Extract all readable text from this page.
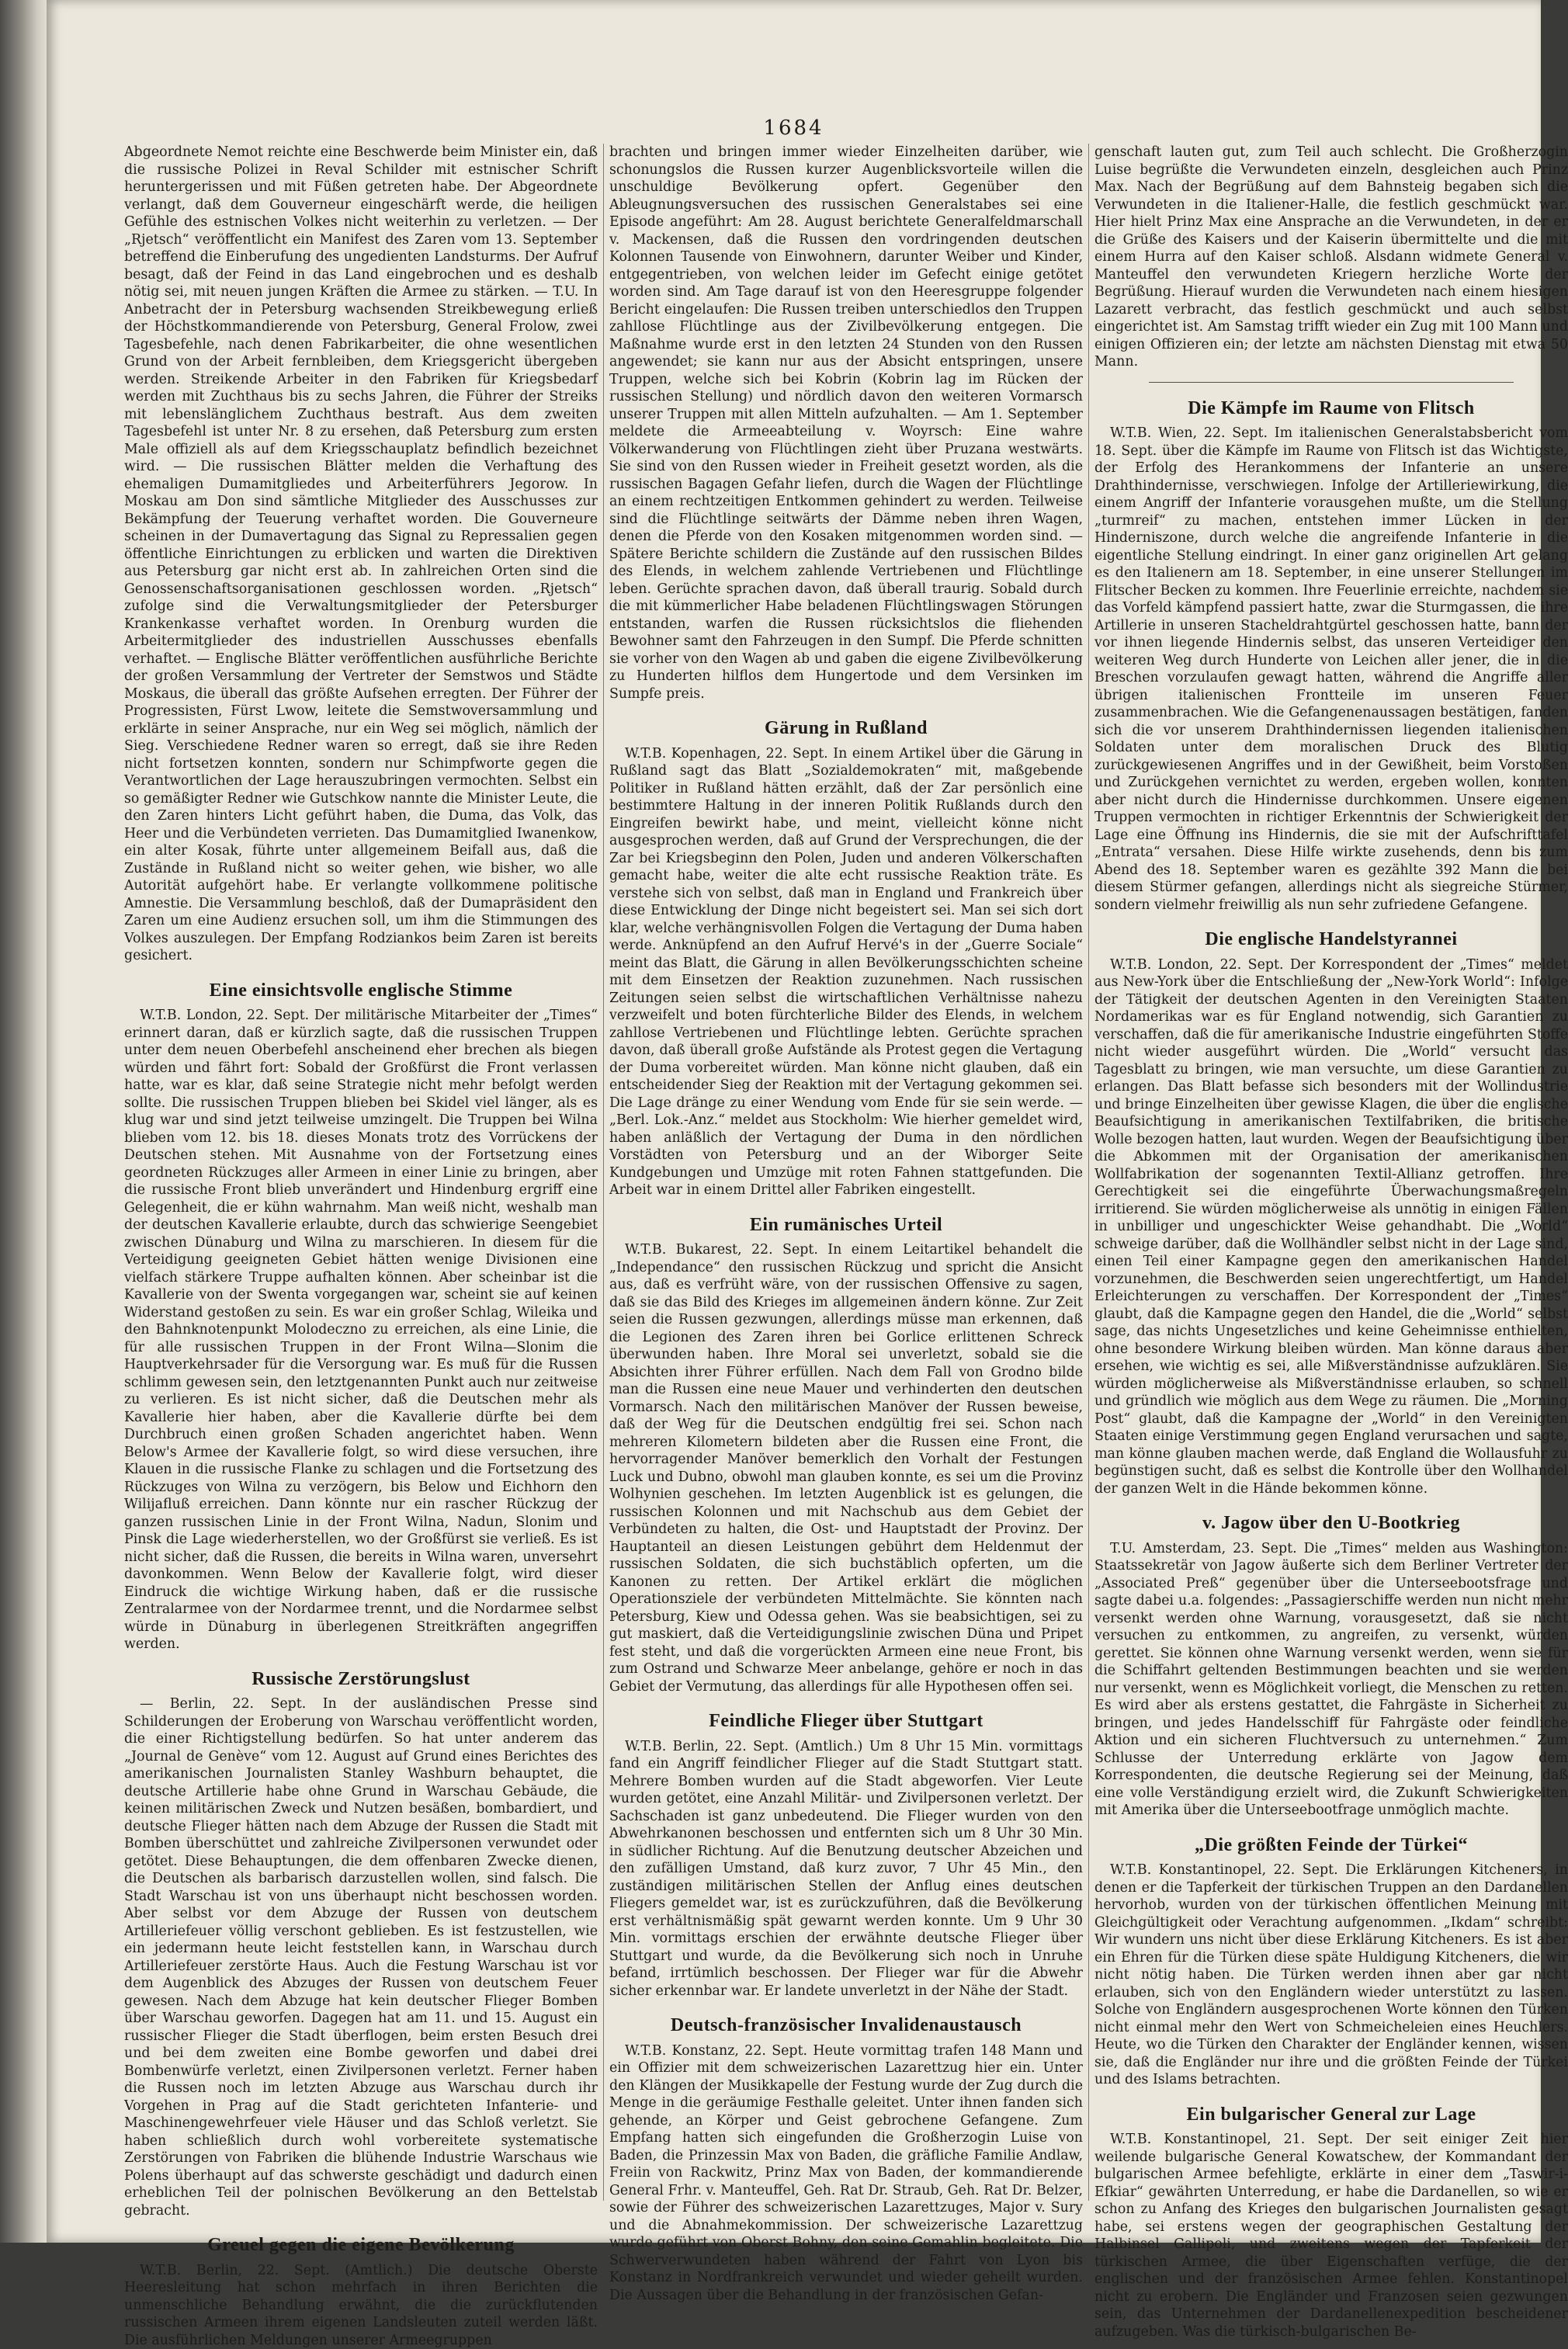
1684

Abgeordnete Nemot reichte eine Beschwerde beim Minister ein, daß die russische Polizei in Reval Schilder mit estnischer Schrift heruntergerissen und mit Füßen getreten habe. Der Abgeordnete verlangt, daß dem Gouverneur eingeschärft werde, die heiligen Gefühle des estnischen Volkes nicht weiterhin zu verletzen. — Der „Rjetsch“ veröffentlicht ein Manifest des Zaren vom 13. September betreffend die Einberufung des ungedienten Landsturms. Der Aufruf besagt, daß der Feind in das Land eingebrochen und es deshalb nötig sei, mit neuen jungen Kräften die Armee zu stärken. — T.U. In Anbetracht der in Petersburg wachsenden Streikbewegung erließ der Höchstkommandierende von Petersburg, General Frolow, zwei Tagesbefehle, nach denen Fabrikarbeiter, die ohne wesentlichen Grund von der Arbeit fernbleiben, dem Kriegsgericht übergeben werden. Streikende Arbeiter in den Fabriken für Kriegsbedarf werden mit Zuchthaus bis zu sechs Jahren, die Führer der Streiks mit lebenslänglichem Zuchthaus bestraft. Aus dem zweiten Tagesbefehl ist unter Nr. 8 zu ersehen, daß Petersburg zum ersten Male offiziell als auf dem Kriegsschauplatz befindlich bezeichnet wird. — Die russischen Blätter melden die Verhaftung des ehemaligen Dumamitgliedes und Arbeiterführers Jegorow. In Moskau am Don sind sämtliche Mitglieder des Ausschusses zur Bekämpfung der Teuerung verhaftet worden. Die Gouverneure scheinen in der Dumavertagung das Signal zu Repressalien gegen öffentliche Einrichtungen zu erblicken und warten die Direktiven aus Petersburg gar nicht erst ab. In zahlreichen Orten sind die Genossenschaftsorganisationen geschlossen worden. „Rjetsch“ zufolge sind die Verwaltungsmitglieder der Petersburger Krankenkasse verhaftet worden. In Orenburg wurden die Arbeitermitglieder des industriellen Ausschusses ebenfalls verhaftet. — Englische Blätter veröffentlichen ausführliche Berichte der großen Versammlung der Vertreter der Semstwos und Städte Moskaus, die überall das größte Aufsehen erregten. Der Führer der Progressisten, Fürst Lwow, leitete die Semstwoversammlung und erklärte in seiner Ansprache, nur ein Weg sei möglich, nämlich der Sieg. Verschiedene Redner waren so erregt, daß sie ihre Reden nicht fortsetzen konnten, sondern nur Schimpfworte gegen die Verantwortlichen der Lage herauszubringen vermochten. Selbst ein so gemäßigter Redner wie Gutschkow nannte die Minister Leute, die den Zaren hinters Licht geführt haben, die Duma, das Volk, das Heer und die Verbündeten verrieten. Das Dumamitglied Iwanenkow, ein alter Kosak, führte unter allgemeinem Beifall aus, daß die Zustände in Rußland nicht so weiter gehen, wie bisher, wo alle Autorität aufgehört habe. Er verlangte vollkommene politische Amnestie. Die Versammlung beschloß, daß der Dumapräsident den Zaren um eine Audienz ersuchen soll, um ihm die Stimmungen des Volkes auszulegen. Der Empfang Rodziankos beim Zaren ist bereits gesichert.

Eine einsichtsvolle englische Stimme

W.T.B. London, 22. Sept. Der militärische Mitarbeiter der „Times“ erinnert daran, daß er kürzlich sagte, daß die russischen Truppen unter dem neuen Oberbefehl anscheinend eher brechen als biegen würden und fährt fort: Sobald der Großfürst die Front verlassen hatte, war es klar, daß seine Strategie nicht mehr befolgt werden sollte. Die russischen Truppen blieben bei Skidel viel länger, als es klug war und sind jetzt teilweise umzingelt. Die Truppen bei Wilna blieben vom 12. bis 18. dieses Monats trotz des Vorrückens der Deutschen stehen. Mit Ausnahme von der Fortsetzung eines geordneten Rückzuges aller Armeen in einer Linie zu bringen, aber die russische Front blieb unverändert und Hindenburg ergriff eine Gelegenheit, die er kühn wahrnahm. Man weiß nicht, weshalb man der deutschen Kavallerie erlaubte, durch das schwierige Seengebiet zwischen Dünaburg und Wilna zu marschieren. In diesem für die Verteidigung geeigneten Gebiet hätten wenige Divisionen eine vielfach stärkere Truppe aufhalten können. Aber scheinbar ist die Kavallerie von der Swenta vorgegangen war, scheint sie auf keinen Widerstand gestoßen zu sein. Es war ein großer Schlag, Wileika und den Bahnknotenpunkt Molodeczno zu erreichen, als eine Linie, die für alle russischen Truppen in der Front Wilna—Slonim die Hauptverkehrsader für die Versorgung war. Es muß für die Russen schlimm gewesen sein, den letztgenannten Punkt auch nur zeitweise zu verlieren. Es ist nicht sicher, daß die Deutschen mehr als Kavallerie hier haben, aber die Kavallerie dürfte bei dem Durchbruch einen großen Schaden angerichtet haben. Wenn Below's Armee der Kavallerie folgt, so wird diese versuchen, ihre Klauen in die russische Flanke zu schlagen und die Fortsetzung des Rückzuges von Wilna zu verzögern, bis Below und Eichhorn den Wilijafluß erreichen. Dann könnte nur ein rascher Rückzug der ganzen russischen Linie in der Front Wilna, Nadun, Slonim und Pinsk die Lage wiederherstellen, wo der Großfürst sie verließ. Es ist nicht sicher, daß die Russen, die bereits in Wilna waren, unversehrt davonkommen. Wenn Below der Kavallerie folgt, wird dieser Eindruck die wichtige Wirkung haben, daß er die russische Zentralarmee von der Nordarmee trennt, und die Nordarmee selbst würde in Dünaburg in überlegenen Streitkräften angegriffen werden.

Russische Zerstörungslust

— Berlin, 22. Sept. In der ausländischen Presse sind Schilderungen der Eroberung von Warschau veröffentlicht worden, die einer Richtigstellung bedürfen. So hat unter anderem das „Journal de Genève“ vom 12. August auf Grund eines Berichtes des amerikanischen Journalisten Stanley Washburn behauptet, die deutsche Artillerie habe ohne Grund in Warschau Gebäude, die keinen militärischen Zweck und Nutzen besäßen, bombardiert, und deutsche Flieger hätten nach dem Abzuge der Russen die Stadt mit Bomben überschüttet und zahlreiche Zivilpersonen verwundet oder getötet. Diese Behauptungen, die dem offenbaren Zwecke dienen, die Deutschen als barbarisch darzustellen wollen, sind falsch. Die Stadt Warschau ist von uns überhaupt nicht beschossen worden. Aber selbst vor dem Abzuge der Russen von deutschem Artilleriefeuer völlig verschont geblieben. Es ist festzustellen, wie ein jedermann heute leicht feststellen kann, in Warschau durch Artilleriefeuer zerstörte Haus. Auch die Festung Warschau ist vor dem Augenblick des Abzuges der Russen von deutschem Feuer gewesen. Nach dem Abzuge hat kein deutscher Flieger Bomben über Warschau geworfen. Dagegen hat am 11. und 15. August ein russischer Flieger die Stadt überflogen, beim ersten Besuch drei und bei dem zweiten eine Bombe geworfen und dabei drei Bombenwürfe verletzt, einen Zivilpersonen verletzt. Ferner haben die Russen noch im letzten Abzuge aus Warschau durch ihr Vorgehen in Prag auf die Stadt gerichteten Infanterie- und Maschinengewehrfeuer viele Häuser und das Schloß verletzt. Sie haben schließlich durch wohl vorbereitete systematische Zerstörungen von Fabriken die blühende Industrie Warschaus wie Polens überhaupt auf das schwerste geschädigt und dadurch einen erheblichen Teil der polnischen Bevölkerung an den Bettelstab gebracht.

Greuel gegen die eigene Bevölkerung

W.T.B. Berlin, 22. Sept. (Amtlich.) Die deutsche Oberste Heeresleitung hat schon mehrfach in ihren Berichten die unmenschliche Behandlung erwähnt, die die zurückflutenden russischen Armeen ihrem eigenen Landsleuten zuteil werden läßt. Die ausführlichen Meldungen unserer Armeegruppen

brachten und bringen immer wieder Einzelheiten darüber, wie schonungslos die Russen kurzer Augenblicksvorteile willen die unschuldige Bevölkerung opfert. Gegenüber den Ableugnungsversuchen des russischen Generalstabes sei eine Episode angeführt: Am 28. August berichtete Generalfeldmarschall v. Mackensen, daß die Russen den vordringenden deutschen Kolonnen Tausende von Einwohnern, darunter Weiber und Kinder, entgegentrieben, von welchen leider im Gefecht einige getötet worden sind. Am Tage darauf ist von den Heeresgruppe folgender Bericht eingelaufen: Die Russen treiben unterschiedlos den Truppen zahllose Flüchtlinge aus der Zivilbevölkerung entgegen. Die Maßnahme wurde erst in den letzten 24 Stunden von den Russen angewendet; sie kann nur aus der Absicht entspringen, unsere Truppen, welche sich bei Kobrin (Kobrin lag im Rücken der russischen Stellung) und nördlich davon den weiteren Vormarsch unserer Truppen mit allen Mitteln aufzuhalten. — Am 1. September meldete die Armeeabteilung v. Woyrsch: Eine wahre Völkerwanderung von Flüchtlingen zieht über Pruzana westwärts. Sie sind von den Russen wieder in Freiheit gesetzt worden, als die russischen Bagagen Gefahr liefen, durch die Wagen der Flüchtlinge an einem rechtzeitigen Entkommen gehindert zu werden. Teilweise sind die Flüchtlinge seitwärts der Dämme neben ihren Wagen, denen die Pferde von den Kosaken mitgenommen worden sind. — Spätere Berichte schildern die Zustände auf den russischen Bildes des Elends, in welchem zahlende Vertriebenen und Flüchtlinge leben. Gerüchte sprachen davon, daß überall traurig. Sobald durch die mit kümmerlicher Habe beladenen Flüchtlingswagen Störungen entstanden, warfen die Russen rücksichtslos die fliehenden Bewohner samt den Fahrzeugen in den Sumpf. Die Pferde schnitten sie vorher von den Wagen ab und gaben die eigene Zivilbevölkerung zu Hunderten hilflos dem Hungertode und dem Versinken im Sumpfe preis.

Gärung in Rußland

W.T.B. Kopenhagen, 22. Sept. In einem Artikel über die Gärung in Rußland sagt das Blatt „Sozialdemokraten“ mit, maßgebende Politiker in Rußland hätten erzählt, daß der Zar persönlich eine bestimmtere Haltung in der inneren Politik Rußlands durch den Eingreifen bewirkt habe, und meint, vielleicht könne nicht ausgesprochen werden, daß auf Grund der Versprechungen, die der Zar bei Kriegsbeginn den Polen, Juden und anderen Völkerschaften gemacht habe, weiter die alte echt russische Reaktion träte. Es verstehe sich von selbst, daß man in England und Frankreich über diese Entwicklung der Dinge nicht begeistert sei. Man sei sich dort klar, welche verhängnisvollen Folgen die Vertagung der Duma haben werde. Anknüpfend an den Aufruf Hervé's in der „Guerre Sociale“ meint das Blatt, die Gärung in allen Bevölkerungsschichten scheine mit dem Einsetzen der Reaktion zuzunehmen. Nach russischen Zeitungen seien selbst die wirtschaftlichen Verhältnisse nahezu verzweifelt und boten fürchterliche Bilder des Elends, in welchem zahllose Vertriebenen und Flüchtlinge lebten. Gerüchte sprachen davon, daß überall große Aufstände als Protest gegen die Vertagung der Duma vorbereitet würden. Man könne nicht glauben, daß ein entscheidender Sieg der Reaktion mit der Vertagung gekommen sei. Die Lage dränge zu einer Wendung vom Ende für sie sein werde. — „Berl. Lok.-Anz.“ meldet aus Stockholm: Wie hierher gemeldet wird, haben anläßlich der Vertagung der Duma in den nördlichen Vorstädten von Petersburg und an der Wiborger Seite Kundgebungen und Umzüge mit roten Fahnen stattgefunden. Die Arbeit war in einem Drittel aller Fabriken eingestellt.

Ein rumänisches Urteil

W.T.B. Bukarest, 22. Sept. In einem Leitartikel behandelt die „Independance“ den russischen Rückzug und spricht die Ansicht aus, daß es verfrüht wäre, von der russischen Offensive zu sagen, daß sie das Bild des Krieges im allgemeinen ändern könne. Zur Zeit seien die Russen gezwungen, allerdings müsse man erkennen, daß die Legionen des Zaren ihren bei Gorlice erlittenen Schreck überwunden haben. Ihre Moral sei unverletzt, sobald sie die Absichten ihrer Führer erfüllen. Nach dem Fall von Grodno bilde man die Russen eine neue Mauer und verhinderten den deutschen Vormarsch. Nach den militärischen Manöver der Russen beweise, daß der Weg für die Deutschen endgültig frei sei. Schon nach mehreren Kilometern bildeten aber die Russen eine Front, die hervorragender Manöver bemerklich den Vorhalt der Festungen Luck und Dubno, obwohl man glauben konnte, es sei um die Provinz Wolhynien geschehen. Im letzten Augenblick ist es gelungen, die russischen Kolonnen und mit Nachschub aus dem Gebiet der Verbündeten zu halten, die Ost- und Hauptstadt der Provinz. Der Hauptanteil an diesen Leistungen gebührt dem Heldenmut der russischen Soldaten, die sich buchstäblich opferten, um die Kanonen zu retten. Der Artikel erklärt die möglichen Operationsziele der verbündeten Mittelmächte. Sie könnten nach Petersburg, Kiew und Odessa gehen. Was sie beabsichtigen, sei zu gut maskiert, daß die Verteidigungslinie zwischen Düna und Pripet fest steht, und daß die vorgerückten Armeen eine neue Front, bis zum Ostrand und Schwarze Meer anbelange, gehöre er noch in das Gebiet der Vermutung, das allerdings für alle Hypothesen offen sei.

Feindliche Flieger über Stuttgart

W.T.B. Berlin, 22. Sept. (Amtlich.) Um 8 Uhr 15 Min. vormittags fand ein Angriff feindlicher Flieger auf die Stadt Stuttgart statt. Mehrere Bomben wurden auf die Stadt abgeworfen. Vier Leute wurden getötet, eine Anzahl Militär- und Zivilpersonen verletzt. Der Sachschaden ist ganz unbedeutend. Die Flieger wurden von den Abwehrkanonen beschossen und entfernten sich um 8 Uhr 30 Min. in südlicher Richtung. Auf die Benutzung deutscher Abzeichen und den zufälligen Umstand, daß kurz zuvor, 7 Uhr 45 Min., den zuständigen militärischen Stellen der Anflug eines deutschen Fliegers gemeldet war, ist es zurückzuführen, daß die Bevölkerung erst verhältnismäßig spät gewarnt werden konnte. Um 9 Uhr 30 Min. vormittags erschien der erwähnte deutsche Flieger über Stuttgart und wurde, da die Bevölkerung sich noch in Unruhe befand, irrtümlich beschossen. Der Flieger war für die Abwehr sicher erkennbar war. Er landete unverletzt in der Nähe der Stadt.

Deutsch-französischer Invalidenaustausch

W.T.B. Konstanz, 22. Sept. Heute vormittag trafen 148 Mann und ein Offizier mit dem schweizerischen Lazarettzug hier ein. Unter den Klängen der Musikkapelle der Festung wurde der Zug durch die Menge in die geräumige Festhalle geleitet. Unter ihnen fanden sich gehende, an Körper und Geist gebrochene Gefangene. Zum Empfang hatten sich eingefunden die Großherzogin Luise von Baden, die Prinzessin Max von Baden, die gräfliche Familie Andlaw, Freiin von Rackwitz, Prinz Max von Baden, der kommandierende General Frhr. v. Manteuffel, Geh. Rat Dr. Straub, Geh. Rat Dr. Belzer, sowie der Führer des schweizerischen Lazarettzuges, Major v. Sury und die Abnahmekommission. Der schweizerische Lazarettzug wurde geführt von Oberst Bohny, den seine Gemahlin begleitete. Die Schwerverwundeten haben während der Fahrt von Lyon bis Konstanz in Nordfrankreich verwundet und wieder geheilt wurden. Die Aussagen über die Behandlung in der französischen Gefan-

genschaft lauten gut, zum Teil auch schlecht. Die Großherzogin Luise begrüßte die Verwundeten einzeln, desgleichen auch Prinz Max. Nach der Begrüßung auf dem Bahnsteig begaben sich die Verwundeten in die Italiener-Halle, die festlich geschmückt war. Hier hielt Prinz Max eine Ansprache an die Verwundeten, in der er die Grüße des Kaisers und der Kaiserin übermittelte und die mit einem Hurra auf den Kaiser schloß. Alsdann widmete General v. Manteuffel den verwundeten Kriegern herzliche Worte der Begrüßung. Hierauf wurden die Verwundeten nach einem hiesigen Lazarett verbracht, das festlich geschmückt und auch selbst eingerichtet ist. Am Samstag trifft wieder ein Zug mit 100 Mann und einigen Offizieren ein; der letzte am nächsten Dienstag mit etwa 50 Mann.

Die Kämpfe im Raume von Flitsch

W.T.B. Wien, 22. Sept. Im italienischen Generalstabsbericht vom 18. Sept. über die Kämpfe im Raume von Flitsch ist das Wichtigste, der Erfolg des Herankommens der Infanterie an unsere Drahthindernisse, verschwiegen. Infolge der Artilleriewirkung, die einem Angriff der Infanterie vorausgehen mußte, um die Stellung „turmreif“ zu machen, entstehen immer Lücken in der Hinderniszone, durch welche die angreifende Infanterie in die eigentliche Stellung eindringt. In einer ganz originellen Art gelang es den Italienern am 18. September, in eine unserer Stellungen im Flitscher Becken zu kommen. Ihre Feuerlinie erreichte, nachdem sie das Vorfeld kämpfend passiert hatte, zwar die Sturmgassen, die ihre Artillerie in unseren Stacheldrahtgürtel geschossen hatte, bann der vor ihnen liegende Hindernis selbst, das unseren Verteidiger den weiteren Weg durch Hunderte von Leichen aller jener, die in die Breschen vorzulaufen gewagt hatten, während die Angriffe aller übrigen italienischen Frontteile im unseren Feuer zusammenbrachen. Wie die Gefangenenaussagen bestätigen, fanden sich die vor unserem Drahthindernissen liegenden italienischen Soldaten unter dem moralischen Druck des Blutig zurückgewiesenen Angriffes und in der Gewißheit, beim Vorstoßen und Zurückgehen vernichtet zu werden, ergeben wollen, konnten aber nicht durch die Hindernisse durchkommen. Unsere eigenen Truppen vermochten in richtiger Erkenntnis der Schwierigkeit der Lage eine Öffnung ins Hindernis, die sie mit der Aufschrifttafel „Entrata“ versahen. Diese Hilfe wirkte zusehends, denn bis zum Abend des 18. September waren es gezählte 392 Mann die bei diesem Stürmer gefangen, allerdings nicht als siegreiche Stürmer, sondern vielmehr freiwillig als nun sehr zufriedene Gefangene.

Die englische Handelstyrannei

W.T.B. London, 22. Sept. Der Korrespondent der „Times“ meldet aus New-York über die Entschließung der „New-York World“: Infolge der Tätigkeit der deutschen Agenten in den Vereinigten Staaten Nordamerikas war es für England notwendig, sich Garantien zu verschaffen, daß die für amerikanische Industrie eingeführten Stoffe nicht wieder ausgeführt würden. Die „World“ versucht das Tagesblatt zu bringen, wie man versuchte, um diese Garantien zu erlangen. Das Blatt befasse sich besonders mit der Wollindustrie und bringe Einzelheiten über gewisse Klagen, die über die englische Beaufsichtigung in amerikanischen Textilfabriken, die britische Wolle bezogen hatten, laut wurden. Wegen der Beaufsichtigung über die Abkommen mit der Organisation der amerikanischen Wollfabrikation der sogenannten Textil-Allianz getroffen. Ihre Gerechtigkeit sei die eingeführte Überwachungsmaßregeln irritierend. Sie würden möglicherweise als unnötig in einigen Fällen in unbilliger und ungeschickter Weise gehandhabt. Die „World“ schweige darüber, daß die Wollhändler selbst nicht in der Lage sind, einen Teil einer Kampagne gegen den amerikanischen Handel vorzunehmen, die Beschwerden seien ungerechtfertigt, um Handel Erleichterungen zu verschaffen. Der Korrespondent der „Times“ glaubt, daß die Kampagne gegen den Handel, die die „World“ selbst sage, das nichts Ungesetzliches und keine Geheimnisse enthielten, ohne besondere Wirkung bleiben würden. Man könne daraus aber ersehen, wie wichtig es sei, alle Mißverständnisse aufzuklären. Sie würden möglicherweise als Mißverständnisse erlauben, so schnell und gründlich wie möglich aus dem Wege zu räumen. Die „Morning Post“ glaubt, daß die Kampagne der „World“ in den Vereinigten Staaten einige Verstimmung gegen England verursachen und sagte, man könne glauben machen werde, daß England die Wollausfuhr zu begünstigen sucht, daß es selbst die Kontrolle über den Wollhandel der ganzen Welt in die Hände bekommen könne.

v. Jagow über den U-Bootkrieg

T.U. Amsterdam, 23. Sept. Die „Times“ melden aus Washington: Staatssekretär von Jagow äußerte sich dem Berliner Vertreter der „Associated Preß“ gegenüber über die Unterseebootsfrage und sagte dabei u.a. folgendes: „Passagierschiffe werden nun nicht mehr versenkt werden ohne Warnung, vorausgesetzt, daß sie nicht versuchen zu entkommen, zu angreifen, zu versenkt, würden gerettet. Sie können ohne Warnung versenkt werden, wenn sie für die Schiffahrt geltenden Bestimmungen beachten und sie werden nur versenkt, wenn es Möglichkeit vorliegt, die Menschen zu retten. Es wird aber als erstens gestattet, die Fahrgäste in Sicherheit zu bringen, und jedes Handelsschiff für Fahrgäste oder feindliche Aktion und ein sicheren Fluchtversuch zu unternehmen.“ Zum Schlusse der Unterredung erklärte von Jagow dem Korrespondenten, die deutsche Regierung sei der Meinung, daß eine volle Verständigung erzielt wird, die Zukunft Schwierigkeiten mit Amerika über die Unterseebootfrage unmöglich machte.

„Die größten Feinde der Türkei“

W.T.B. Konstantinopel, 22. Sept. Die Erklärungen Kitcheners, in denen er die Tapferkeit der türkischen Truppen an den Dardanellen hervorhob, wurden von der türkischen öffentlichen Meinung mit Gleichgültigkeit oder Verachtung aufgenommen. „Ikdam“ schreibt: Wir wundern uns nicht über diese Erklärung Kitcheners. Es ist aber ein Ehren für die Türken diese späte Huldigung Kitcheners, die wir nicht nötig haben. Die Türken werden ihnen aber gar nicht erlauben, sich von den Engländern wieder unterstützt zu lassen. Solche von Engländern ausgesprochenen Worte können den Türken nicht einmal mehr den Wert von Schmeicheleien eines Heuchlers. Heute, wo die Türken den Charakter der Engländer kennen, wissen sie, daß die Engländer nur ihre und die größten Feinde der Türkei und des Islams betrachten.

Ein bulgarischer General zur Lage

W.T.B. Konstantinopel, 21. Sept. Der seit einiger Zeit hier weilende bulgarische General Kowatschew, der Kommandant der bulgarischen Armee befehligte, erklärte in einer dem „Taswir-i-Efkiar“ gewährten Unterredung, er habe die Dardanellen, so wie er schon zu Anfang des Krieges den bulgarischen Journalisten gesagt habe, sei erstens wegen der geographischen Gestaltung der Halbinsel Gallipoli, und zweitens wegen der Tapferkeit der türkischen Armee, die über Eigenschaften verfüge, die der englischen und der französischen Armee fehlen. Konstantinopel nicht zu erobern. Die Engländer und Franzosen seien gezwungen sein, das Unternehmen der Dardanellenexpedition bescheidener aufzugeben. Was die türkisch-bulgarischen Be-
